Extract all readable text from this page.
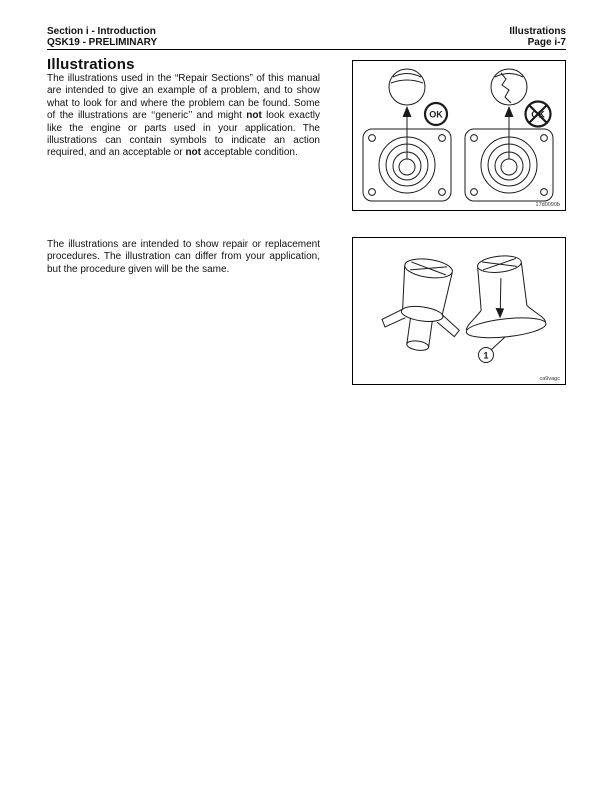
Section i - Introduction
QSK19 - PRELIMINARY
Illustrations
Page i-7
Illustrations

The illustrations used in the “Repair Sections” of this manual are intended to give an example of a problem, and to show what to look for and where the problem can be found. Some of the illustrations are ‘‘generic’’ and might not look exactly like the engine or parts used in your application. The illustrations can contain symbols to indicate an action required, and an acceptable or not acceptable condition.

OK	OK
17d0090b

The illustrations are intended to show repair or replacement procedures. The illustration can differ from your application, but the procedure given will be the same.

1
ca9vagc
